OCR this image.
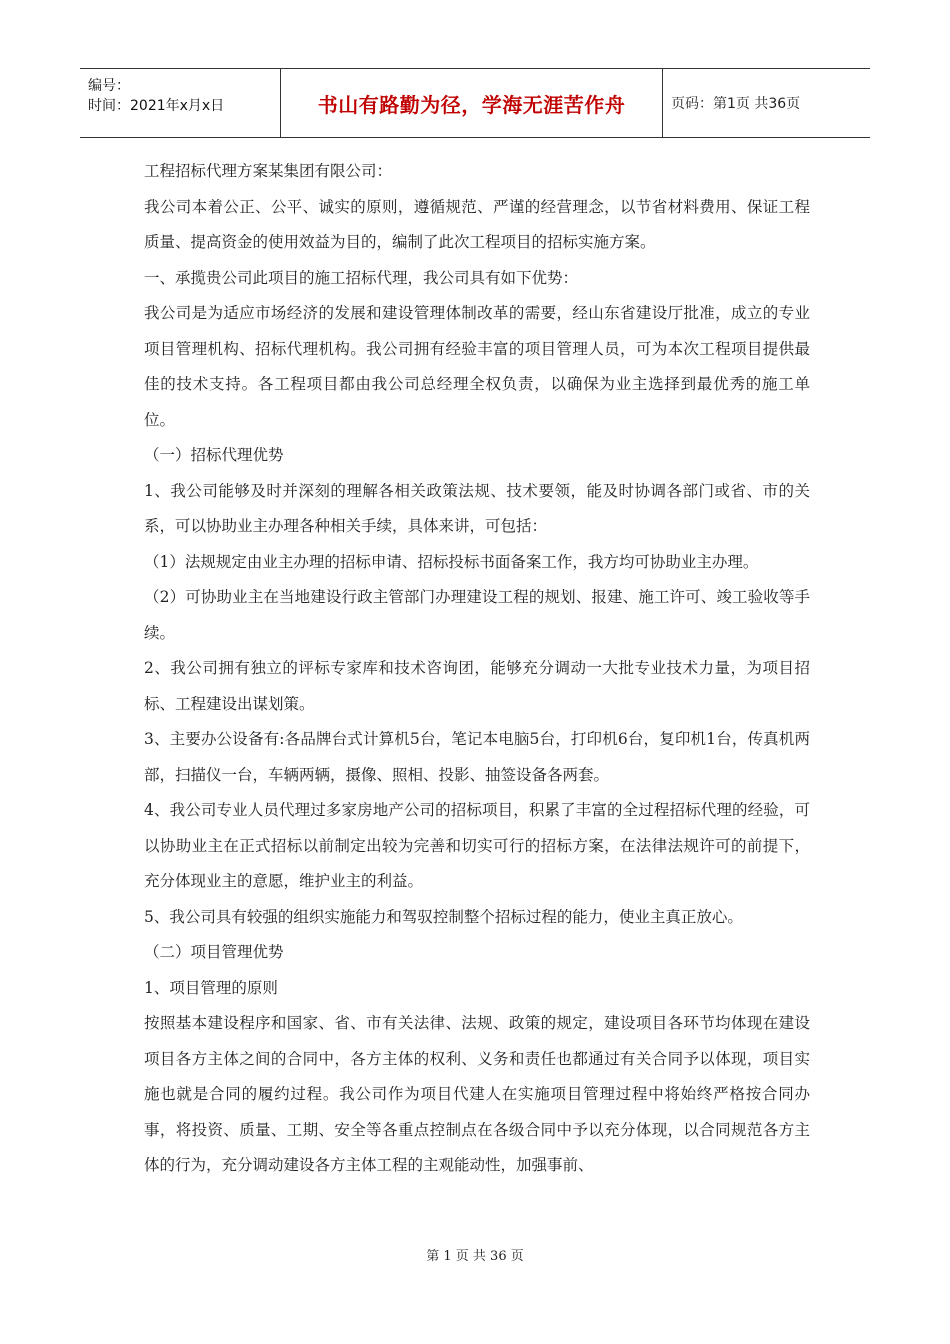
编号：
时间：2021年x月x日	书山有路勤为径，学海无涯苦作舟	页码：第1页 共36页

工程招标代理方案某集团有限公司：

我公司本着公正、公平、诚实的原则，遵循规范、严谨的经营理念，以节省材料费用、保证工程质量、提高资金的使用效益为目的，编制了此次工程项目的招标实施方案。

一、承揽贵公司此项目的施工招标代理，我公司具有如下优势：

我公司是为适应市场经济的发展和建设管理体制改革的需要，经山东省建设厅批准，成立的专业项目管理机构、招标代理机构。我公司拥有经验丰富的项目管理人员，可为本次工程项目提供最佳的技术支持。各工程项目都由我公司总经理全权负责，以确保为业主选择到最优秀的施工单位。

（一）招标代理优势

1、我公司能够及时并深刻的理解各相关政策法规、技术要领，能及时协调各部门或省、市的关系，可以协助业主办理各种相关手续，具体来讲，可包括：

（1）法规规定由业主办理的招标申请、招标投标书面备案工作，我方均可协助业主办理。

（2）可协助业主在当地建设行政主管部门办理建设工程的规划、报建、施工许可、竣工验收等手续。

2、我公司拥有独立的评标专家库和技术咨询团，能够充分调动一大批专业技术力量，为项目招标、工程建设出谋划策。

3、主要办公设备有:各品牌台式计算机5台，笔记本电脑5台，打印机6台，复印机1台，传真机两部，扫描仪一台，车辆两辆，摄像、照相、投影、抽签设备各两套。

4、我公司专业人员代理过多家房地产公司的招标项目，积累了丰富的全过程招标代理的经验，可以协助业主在正式招标以前制定出较为完善和切实可行的招标方案，在法律法规许可的前提下，充分体现业主的意愿，维护业主的利益。

5、我公司具有较强的组织实施能力和驾驭控制整个招标过程的能力，使业主真正放心。

（二）项目管理优势

1、项目管理的原则

按照基本建设程序和国家、省、市有关法律、法规、政策的规定，建设项目各环节均体现在建设项目各方主体之间的合同中，各方主体的权利、义务和责任也都通过有关合同予以体现，项目实施也就是合同的履约过程。我公司作为项目代建人在实施项目管理过程中将始终严格按合同办事，将投资、质量、工期、安全等各重点控制点在各级合同中予以充分体现，以合同规范各方主体的行为，充分调动建设各方主体工程的主观能动性，加强事前、

第 1 页 共 36 页
